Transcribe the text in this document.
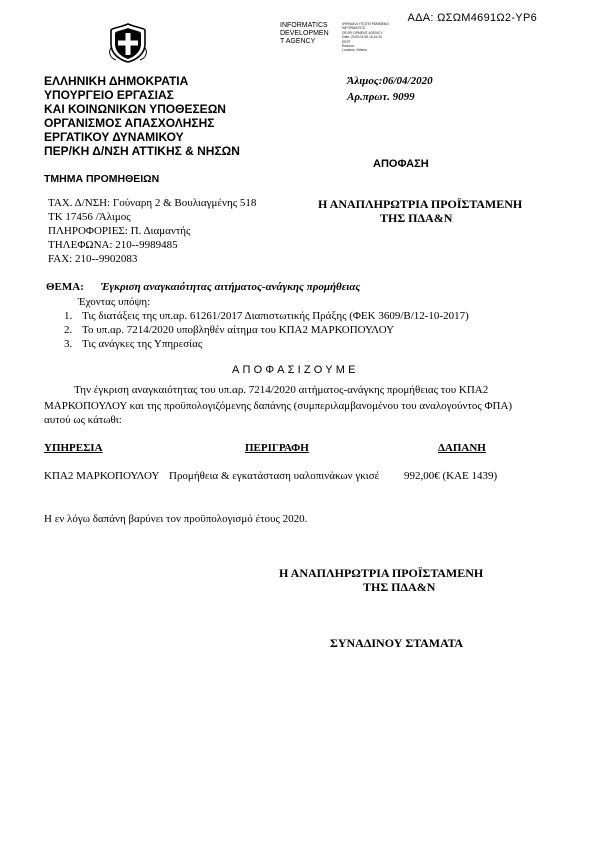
ΑΔΑ: ΩΣΩΜ4691Ω2-ΥΡ6
INFORMATICS
DEVELOPMEN
T AGENCY
ΨΗΦΙΑΚΑ ΥΠΟΓΕΓΡΑΜΜΕΝΟ
INFORMATICS
DEVELOPMENT AGENCY
Date: 2020.04.06 15:16:20
EEST
Reason:
Location: Athens
ΕΛΛΗΝΙΚΗ ΔΗΜΟΚΡΑΤΙΑ
ΥΠΟΥΡΓΕΙΟ ΕΡΓΑΣΙΑΣ
ΚΑΙ ΚΟΙΝΩΝΙΚΩΝ ΥΠΟΘΕΣΕΩΝ
ΟΡΓΑΝΙΣΜΟΣ ΑΠΑΣΧΟΛΗΣΗΣ
ΕΡΓΑΤΙΚΟΥ ΔΥΝΑΜΙΚΟΥ
ΠΕΡ/ΚΗ Δ/ΝΣΗ ΑΤΤΙΚΗΣ & ΝΗΣΩΝ
Άλιμος:06/04/2020
Αρ.πρωτ. 9099
ΑΠΟΦΑΣΗ
ΤΜΗΜΑ ΠΡΟΜΗΘΕΙΩΝ
ΤΑΧ. Δ/ΝΣΗ: Γούναρη 2 & Βουλιαγμένης 518
ΤΚ 17456 /Άλιμος
ΠΛΗΡΟΦΟΡΙΕΣ: Π. Διαμαντής
ΤΗΛΕΦΩΝΑ: 210--9989485
FAX: 210--9902083
Η ΑΝΑΠΛΗΡΩΤΡΙΑ ΠΡΟΪΣΤΑΜΕΝΗ
ΤΗΣ ΠΔΑ&Ν
ΘΕΜΑ: Έγκριση αναγκαιότητας αιτήματος-ανάγκης προμήθειας
Έχοντας υπόψη:
1. Τις διατάξεις της υπ.αρ. 61261/2017 Διαπιστωτικής Πράξης (ΦΕΚ 3609/Β/12-10-2017)
2. Το υπ.αρ. 7214/2020 υποβληθέν αίτημα του ΚΠΑ2 ΜΑΡΚΟΠΟΥΛΟΥ
3. Τις ανάγκες της Υπηρεσίας
ΑΠΟΦΑΣΙΖΟΥΜΕ
Την έγκριση αναγκαιότητας του υπ.αρ. 7214/2020 αιτήματος-ανάγκης προμήθειας του ΚΠΑ2
ΜΑΡΚΟΠΟΥΛΟΥ και της προϋπολογιζόμενης δαπάνης (συμπεριλαμβανομένου του αναλογούντος ΦΠΑ)
αυτού ως κάτωθι:
ΥΠΗΡΕΣΙΑ	ΠΕΡΙΓΡΑΦΗ	ΔΑΠΑΝΗ
ΚΠΑ2 ΜΑΡΚΟΠΟΥΛΟΥ Προμήθεια & εγκατάσταση υαλοπινάκων γκισέ 992,00€ (ΚΑΕ 1439)
Η εν λόγω δαπάνη βαρύνει τον προϋπολογισμό έτους 2020.
Η ΑΝΑΠΛΗΡΩΤΡΙΑ ΠΡΟΪΣΤΑΜΕΝΗ
ΤΗΣ ΠΔΑ&Ν
ΣΥΝΑΔΙΝΟΥ ΣΤΑΜΑΤΑ
